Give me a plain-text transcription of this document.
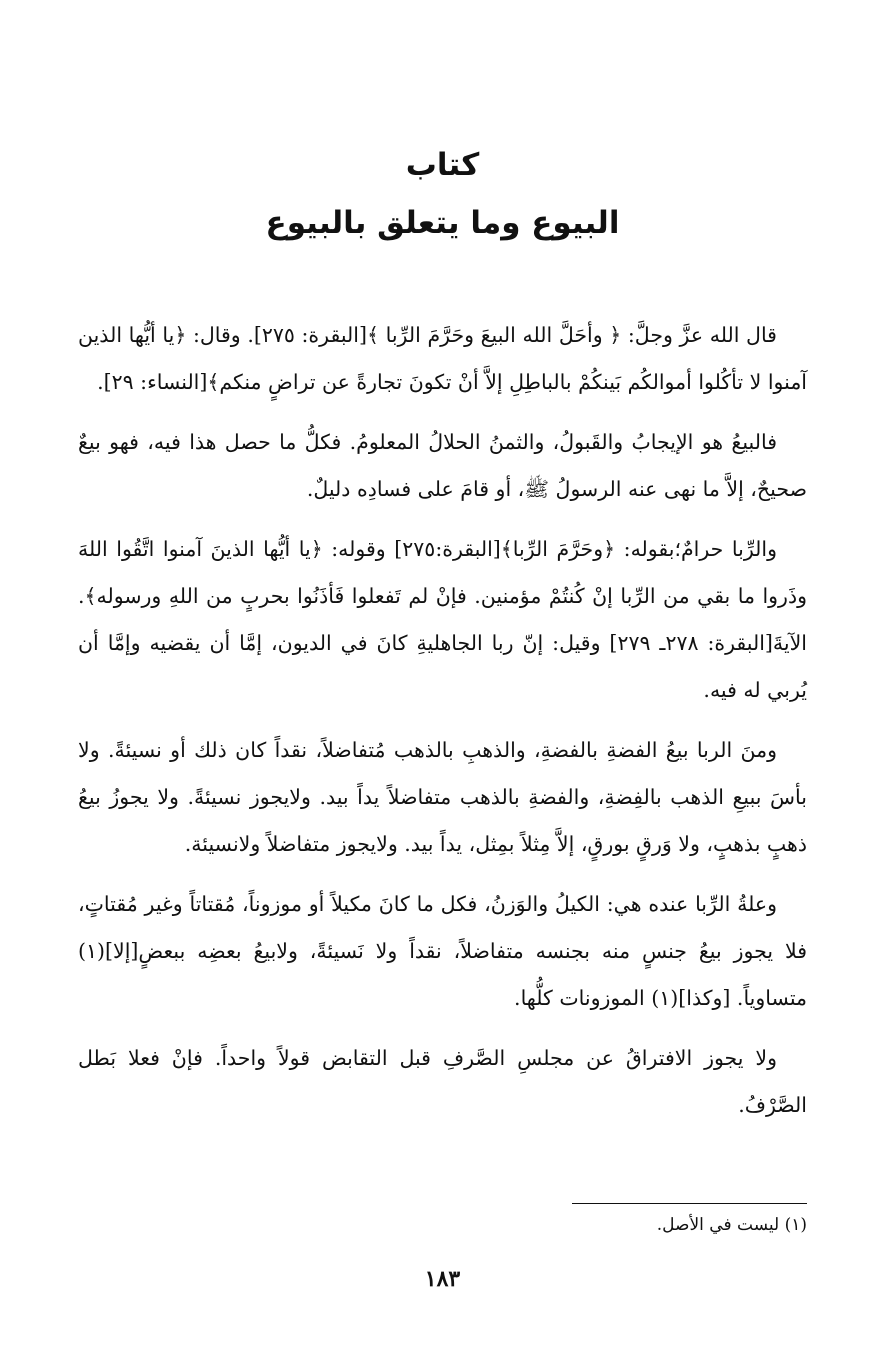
كتاب

البيوع وما يتعلق بالبيوع

قال الله عزَّ وجلَّ: ﴿ وأحَلَّ الله البيعَ وحَرَّمَ الرِّبا ﴾[البقرة: ٢٧٥]. وقال: ﴿يا أيُّها الذين آمنوا لا تأكُلوا أموالكُم بَينكُمْ بالباطِلِ إلاَّ أنْ تكونَ تجارةً عن تراضٍ منكم﴾[النساء: ٢٩].

فالبيعُ هو الإيجابُ والقَبولُ، والثمنُ الحلالُ المعلومُ. فكلُّ ما حصل هذا فيه، فهو بيعٌ صحيحٌ، إلاَّ ما نهى عنه الرسولُ ﷺ، أو قامَ على فسادِه دليلٌ.

والرِّبا حرامٌ؛بقوله: ﴿وحَرَّمَ الرِّبا﴾[البقرة:٢٧٥] وقوله: ﴿يا أيُّها الذينَ آمنوا اتَّقُوا اللهَ وذَروا ما بقي من الرِّبا إنْ كُنتُمْ مؤمنين. فإنْ لم تَفعلوا فَأذَنُوا بحربٍ من اللهِ ورسوله﴾. الآيةَ[البقرة: ٢٧٨ـ ٢٧٩] وقيل: إنّ ربا الجاهليةِ كانَ في الديون، إمَّا أن يقضيه وإمَّا أن يُربي له فيه.

ومنَ الربا بيعُ الفضةِ بالفضةِ، والذهبِ بالذهب مُتفاضلاً، نقداً كان ذلك أو نسيئةً. ولا بأسَ ببيعِ الذهب بالفِضةِ، والفضةِ بالذهب متفاضلاً يداً بيد. ولايجوز نسيئةً. ولا يجوزُ بيعُ ذهبٍ بذهبٍ، ولا وَرقٍ بورقٍ، إلاَّ مِثلاً بمِثل، يداً بيد. ولايجوز متفاضلاً ولانسيئة.

وعلةُ الرِّبا عنده هي: الكيلُ والوَزنُ، فكل ما كانَ مكيلاً أو موزوناً، مُقتاتاً وغير مُقتاتٍ، فلا يجوز بيعُ جنسٍ منه بجنسه متفاضلاً، نقداً ولا نَسيئةً، ولابيعُ بعضِه ببعضٍ[إلا](١) متساوياً. [وكذا](١) الموزونات كلُّها.

ولا يجوز الافتراقُ عن مجلسِ الصَّرفِ قبل التقابض قولاً واحداً. فإنْ فعلا بَطل الصَّرْفُ.

(١) ليست في الأصل.
١٨٣
